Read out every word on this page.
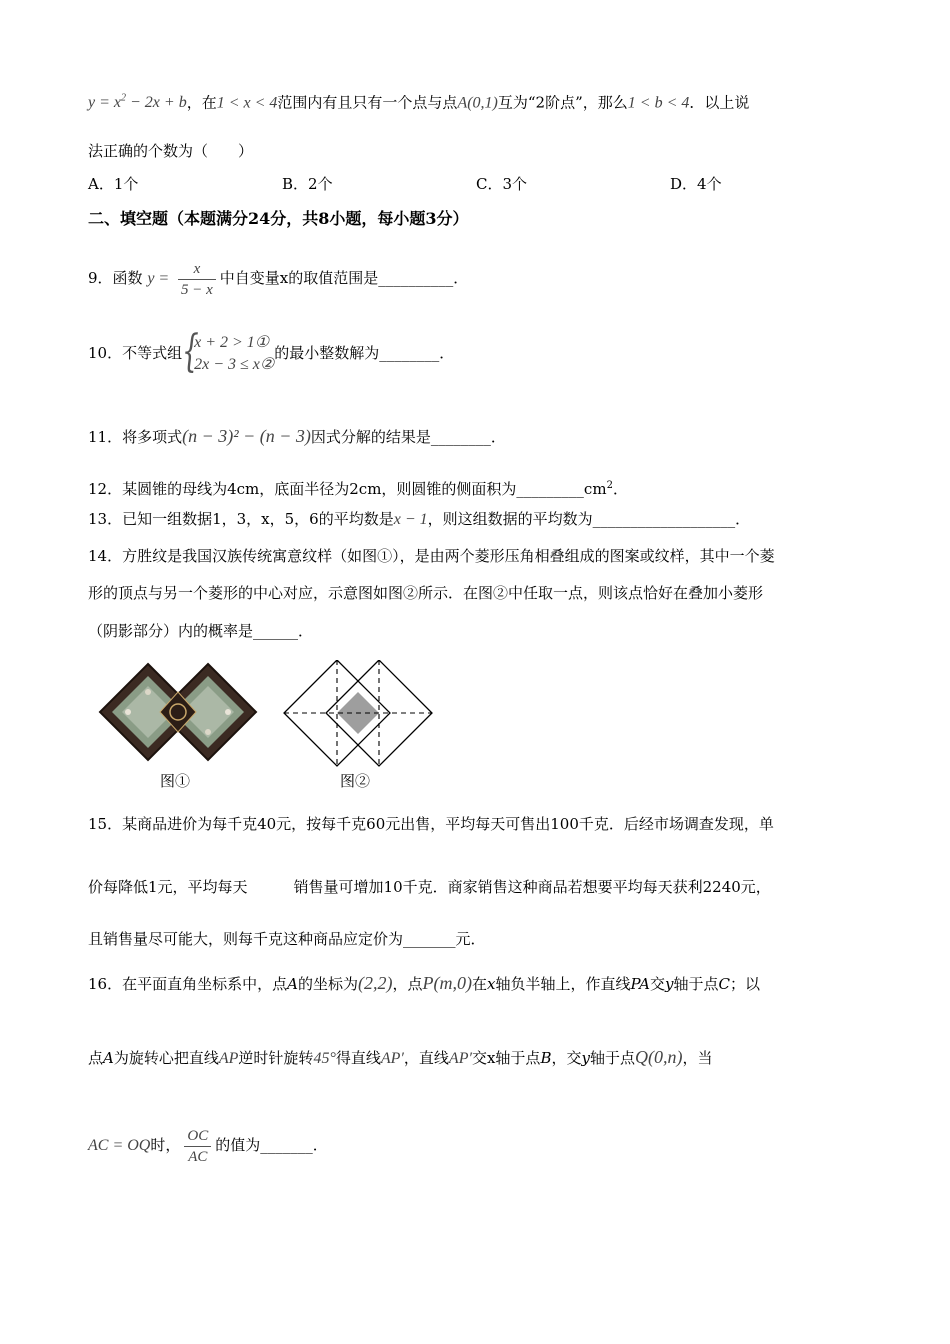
$y = x^2 - 2x + b$，在1 < x < 4范围内有且只有一个点与点A(0,1)互为“2阶点”，那么1 < b < 4．以上说
法正确的个数为（　　）
A．1个	B．2个	C．3个	D．4个
二、填空题（本题满分24分，共8小题，每小题3分）
9．函数 $y = \frac{x}{5 - x}$ 中自变量x的取值范围是__________．
10．不等式组 {
x + 2 > 1①
2x − 3 ≤ x②
的最小整数解为________．
11．将多项式(n − 3)² − (n − 3)因式分解的结果是________．
12．某圆锥的母线为4cm，底面半径为2cm，则圆锥的侧面积为$\_\_\_\_\_\_\_\_\_cm^2$．
13．已知一组数据1，3，x，5，6的平均数是x − 1，则这组数据的平均数为___________________．
14．方胜纹是我国汉族传统寓意纹样（如图①），是由两个菱形压角相叠组成的图案或纹样，其中一个菱
形的顶点与另一个菱形的中心对应，示意图如图②所示．在图②中任取一点，则该点恰好在叠加小菱形
（阴影部分）内的概率是______．
图①	图②
15．某商品进价为每千克40元，按每千克60元出售，平均每天可售出100千克．后经市场调查发现，单
价每降低1元，平均每天	销售量可增加10千克．商家销售这种商品若想要平均每天获利2240元，
且销售量尽可能大，则每千克这种商品应定价为_______元．
16．在平面直角坐标系中，点A的坐标为(2,2)，点P(m,0)在x轴负半轴上，作直线PA交y轴于点C；以
点A为旋转心把直线AP逆时针旋转45°得直线AP′，直线AP′交x轴于点B，交y轴于点Q(0,n)，当
AC = OQ时， $\frac{OC}{AC}$ 的值为_______．
